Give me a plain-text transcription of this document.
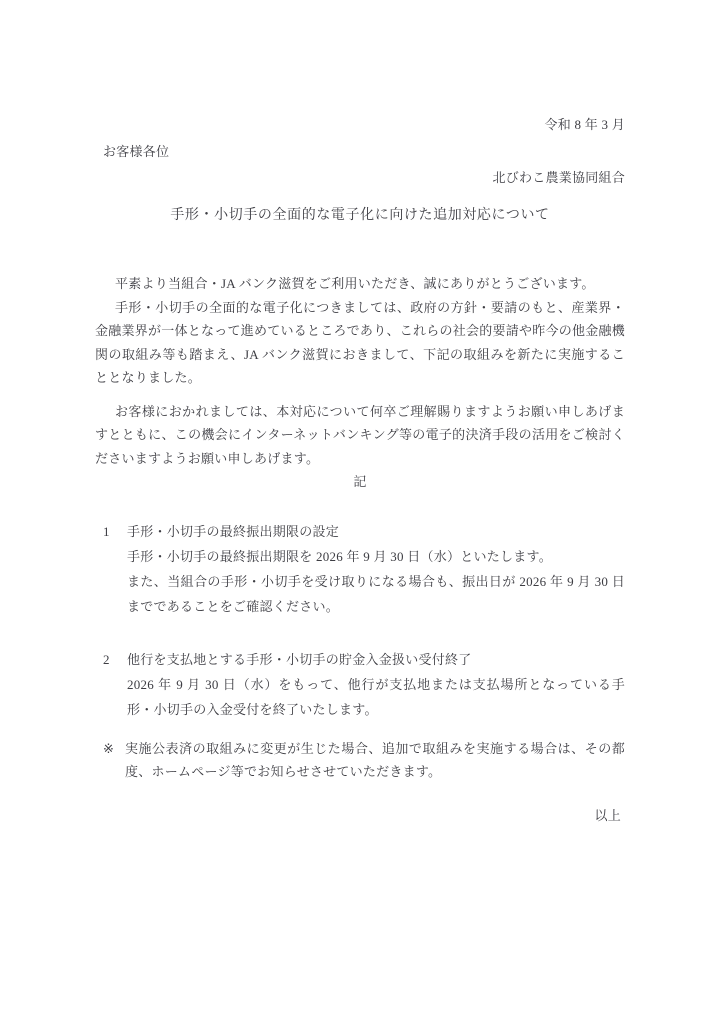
令和 8 年 3 月
お客様各位
北びわこ農業協同組合
手形・小切手の全面的な電子化に向けた追加対応について

平素より当組合・JA バンク滋賀をご利用いただき、誠にありがとうございます。

手形・小切手の全面的な電子化につきましては、政府の方針・要請のもと、産業界・金融業界が一体となって進めているところであり、これらの社会的要請や昨今の他金融機関の取組み等も踏まえ、JA バンク滋賀におきまして、下記の取組みを新たに実施することとなりました。

お客様におかれましては、本対応について何卒ご理解賜りますようお願い申しあげますとともに、この機会にインターネットバンキング等の電子的決済手段の活用をご検討くださいますようお願い申しあげます。

記
1	手形・小切手の最終振出期限の設定
手形・小切手の最終振出期限を 2026 年 9 月 30 日（水）といたします。
また、当組合の手形・小切手を受け取りになる場合も、振出日が 2026 年 9 月 30 日までであることをご確認ください。
2	他行を支払地とする手形・小切手の貯金入金扱い受付終了
2026 年 9 月 30 日（水）をもって、他行が支払地または支払場所となっている手形・小切手の入金受付を終了いたします。
※ 実施公表済の取組みに変更が生じた場合、追加で取組みを実施する場合は、その都度、ホームページ等でお知らせさせていただきます。
以上
